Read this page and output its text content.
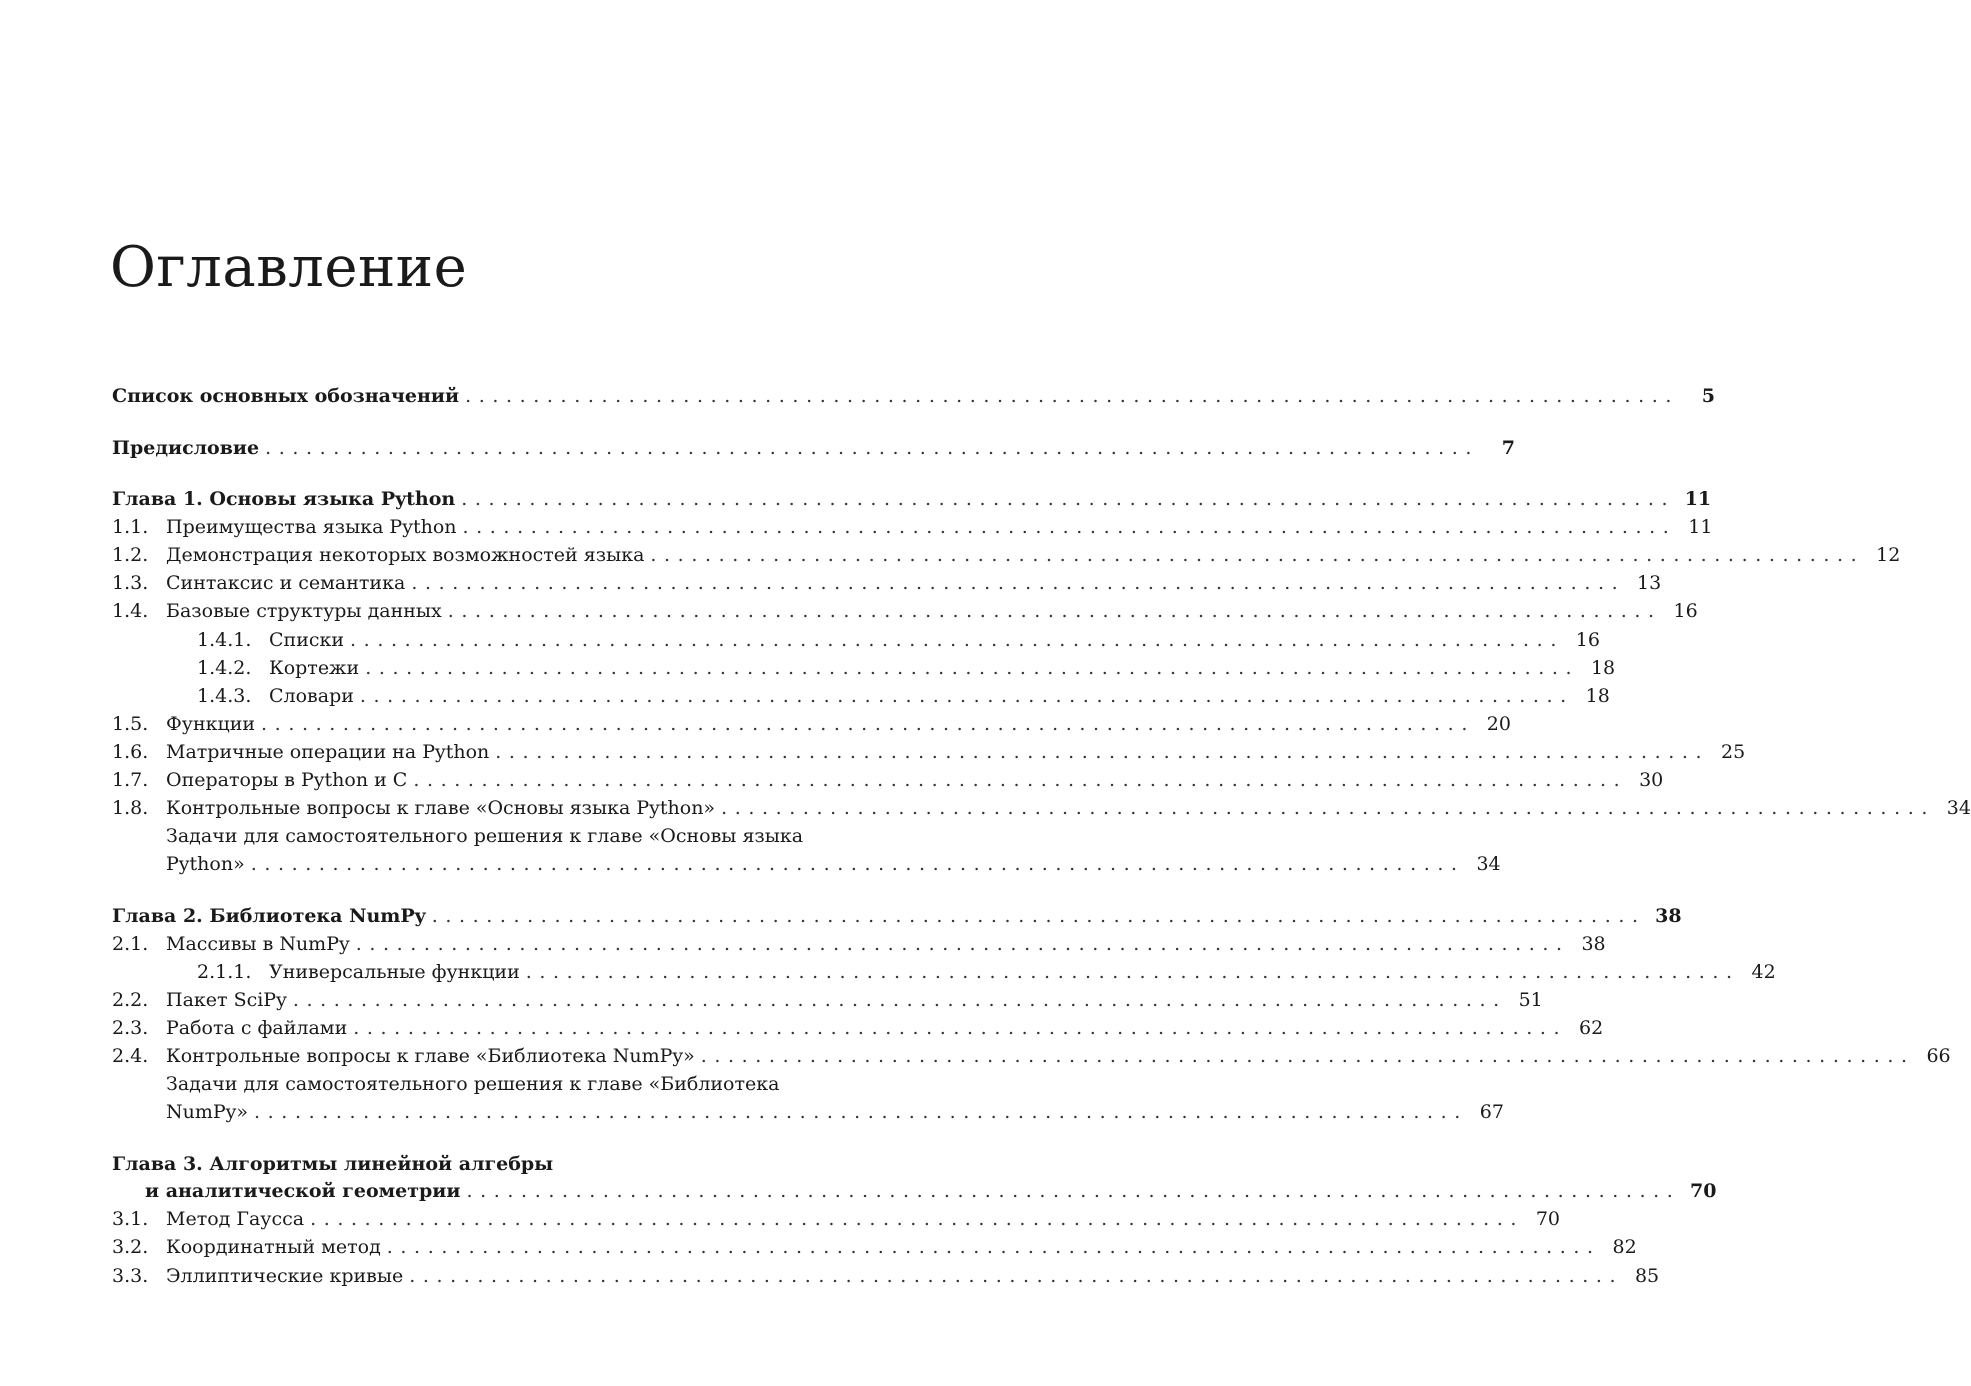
Оглавление
Список основных обозначений .........................................................................................	5
Предисловие .........................................................................................	7
Глава 1. Основы языка Python ......................................................................................... 11
1.1. Преимущества языка Python ......................................................................................... 11
1.2. Демонстрация некоторых возможностей языка ......................................................................................... 12
1.3. Синтаксис и семантика ......................................................................................... 13
1.4. Базовые структуры данных ......................................................................................... 16
1.4.1. Списки ......................................................................................... 16
1.4.2. Кортежи ......................................................................................... 18
1.4.3. Словари ......................................................................................... 18
1.5. Функции ......................................................................................... 20
1.6. Матричные операции на Python ......................................................................................... 25
1.7. Операторы в Python и C ......................................................................................... 30
1.8. Контрольные вопросы к главе «Основы языка Python» ......................................................................................... 34
Задачи для самостоятельного решения к главе «Основы языка
Python» ......................................................................................... 34
Глава 2. Библиотека NumPy ......................................................................................... 38
2.1. Массивы в NumPy ......................................................................................... 38
2.1.1. Универсальные функции ......................................................................................... 42
2.2. Пакет SciPy ......................................................................................... 51
2.3. Работа с файлами ......................................................................................... 62
2.4. Контрольные вопросы к главе «Библиотека NumPy» ......................................................................................... 66
Задачи для самостоятельного решения к главе «Библиотека
NumPy» ......................................................................................... 67
Глава 3. Алгоритмы линейной алгебры
и аналитической геометрии ......................................................................................... 70
3.1. Метод Гаусса ......................................................................................... 70
3.2. Координатный метод ......................................................................................... 82
3.3. Эллиптические кривые ......................................................................................... 85
